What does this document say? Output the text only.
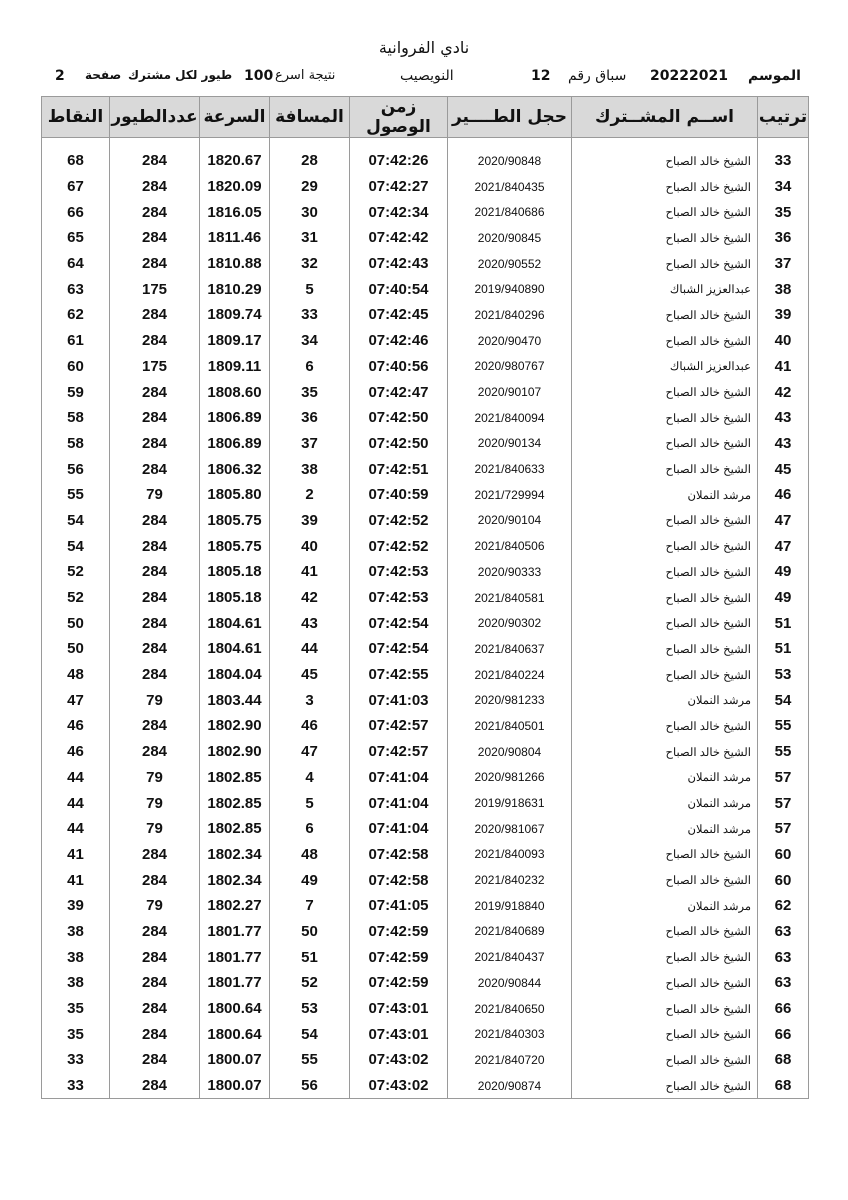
نادي الفروانية
الموسم
20222021
سباق رقم
12
النويصيب
نتيجة اسرع
100
طيور لكل مشترك
صفحة
2
ترتيب	اســم المشــترك	حجل الطــــير	زمن الوصول	المسافة	السرعة	عددالطيور	النقاط

33	الشيخ خالد الصباح	2020/90848	07:42:26	28	1820.67	284	68
34	الشيخ خالد الصباح	2021/840435	07:42:27	29	1820.09	284	67
35	الشيخ خالد الصباح	2021/840686	07:42:34	30	1816.05	284	66
36	الشيخ خالد الصباح	2020/90845	07:42:42	31	1811.46	284	65
37	الشيخ خالد الصباح	2020/90552	07:42:43	32	1810.88	284	64
38	عبدالعزيز الشباك	2019/940890	07:40:54	5	1810.29	175	63
39	الشيخ خالد الصباح	2021/840296	07:42:45	33	1809.74	284	62
40	الشيخ خالد الصباح	2020/90470	07:42:46	34	1809.17	284	61
41	عبدالعزيز الشباك	2020/980767	07:40:56	6	1809.11	175	60
42	الشيخ خالد الصباح	2020/90107	07:42:47	35	1808.60	284	59
43	الشيخ خالد الصباح	2021/840094	07:42:50	36	1806.89	284	58
43	الشيخ خالد الصباح	2020/90134	07:42:50	37	1806.89	284	58
45	الشيخ خالد الصباح	2021/840633	07:42:51	38	1806.32	284	56
46	مرشد النملان	2021/729994	07:40:59	2	1805.80	79	55
47	الشيخ خالد الصباح	2020/90104	07:42:52	39	1805.75	284	54
47	الشيخ خالد الصباح	2021/840506	07:42:52	40	1805.75	284	54
49	الشيخ خالد الصباح	2020/90333	07:42:53	41	1805.18	284	52
49	الشيخ خالد الصباح	2021/840581	07:42:53	42	1805.18	284	52
51	الشيخ خالد الصباح	2020/90302	07:42:54	43	1804.61	284	50
51	الشيخ خالد الصباح	2021/840637	07:42:54	44	1804.61	284	50
53	الشيخ خالد الصباح	2021/840224	07:42:55	45	1804.04	284	48
54	مرشد النملان	2020/981233	07:41:03	3	1803.44	79	47
55	الشيخ خالد الصباح	2021/840501	07:42:57	46	1802.90	284	46
55	الشيخ خالد الصباح	2020/90804	07:42:57	47	1802.90	284	46
57	مرشد النملان	2020/981266	07:41:04	4	1802.85	79	44
57	مرشد النملان	2019/918631	07:41:04	5	1802.85	79	44
57	مرشد النملان	2020/981067	07:41:04	6	1802.85	79	44
60	الشيخ خالد الصباح	2021/840093	07:42:58	48	1802.34	284	41
60	الشيخ خالد الصباح	2021/840232	07:42:58	49	1802.34	284	41
62	مرشد النملان	2019/918840	07:41:05	7	1802.27	79	39
63	الشيخ خالد الصباح	2021/840689	07:42:59	50	1801.77	284	38
63	الشيخ خالد الصباح	2021/840437	07:42:59	51	1801.77	284	38
63	الشيخ خالد الصباح	2020/90844	07:42:59	52	1801.77	284	38
66	الشيخ خالد الصباح	2021/840650	07:43:01	53	1800.64	284	35
66	الشيخ خالد الصباح	2021/840303	07:43:01	54	1800.64	284	35
68	الشيخ خالد الصباح	2021/840720	07:43:02	55	1800.07	284	33
68	الشيخ خالد الصباح	2020/90874	07:43:02	56	1800.07	284	33
